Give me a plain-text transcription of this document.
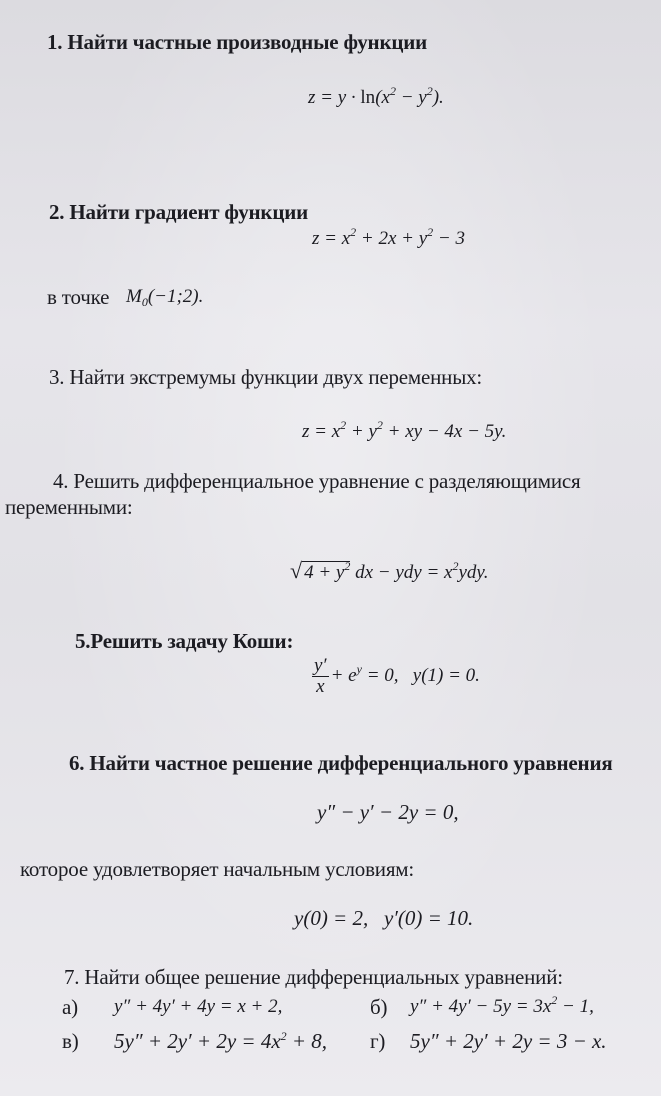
1. Найти частные производные функции
$z = y \cdot \ln(x^2 - y^2)$.
2. Найти градиент функции
$z = x^2 + 2x + y^2 - 3$
в точке $M_0(-1;2)$.
3. Найти экстремумы функции двух переменных:
$z = x^2 + y^2$ + xy − 4x − 5y.
4. Решить дифференциальное уравнение с разделяющимися
переменными:
√ $4 + y^2$ dx − ydy = $x^2ydy$.
5.Решить задачу Коши:
$\frac{y'}{x} + e^y = 0$,   y(1) = 0.
6. Найти частное решение дифференциального уравнения
y″ − y′ − 2y = 0,
которое удовлетворяет начальным условиям:
y(0) = 2,   y′(0) = 10.
7. Найти общее решение дифференциальных уравнений:
а) y″ + 4y′ + 4y = x + 2,	б) $y'' + 4y' - 5y = 3x^2 - 1$,
в) $5y'' + 2y' + 2y = 4x^2 + 8$, г) 5y″ + 2y′ + 2y = 3 − x.
